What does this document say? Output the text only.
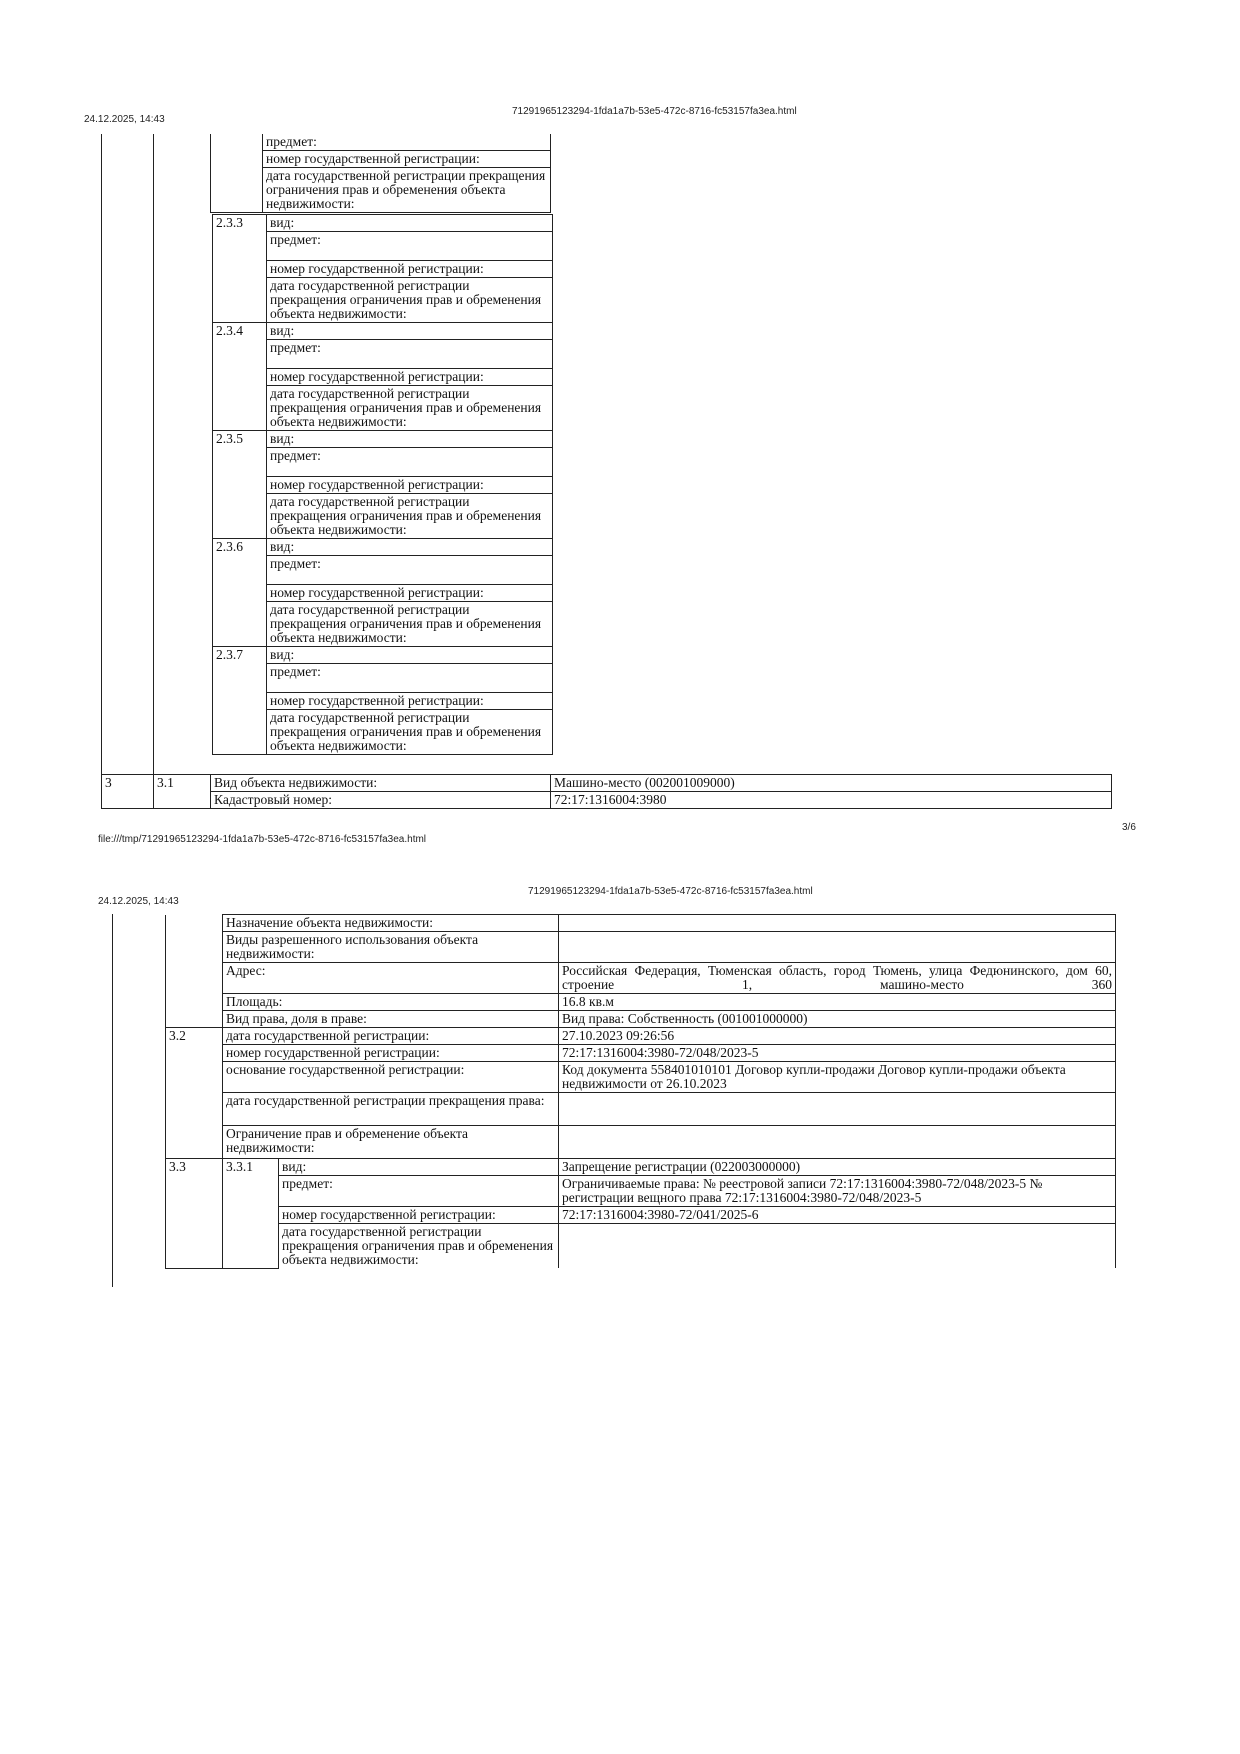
24.12.2025, 14:43
71291965123294-1fda1a7b-53e5-472c-8716-fc53157fa3ea.html
	предмет:
номер государственной регистрации:
дата государственной регистрации прекращения ограничения прав и обременения объекта недвижимости:
2.3.3	вид:
	предмет:
	номер государственной регистрации:
	дата государственной регистрации прекращения ограничения прав и обременения объекта недвижимости:
2.3.4	вид:
	предмет:
	номер государственной регистрации:
	дата государственной регистрации прекращения ограничения прав и обременения объекта недвижимости:
2.3.5	вид:
	предмет:
	номер государственной регистрации:
	дата государственной регистрации прекращения ограничения прав и обременения объекта недвижимости:
2.3.6	вид:
	предмет:
	номер государственной регистрации:
	дата государственной регистрации прекращения ограничения прав и обременения объекта недвижимости:
2.3.7	вид:
	предмет:
	номер государственной регистрации:
	дата государственной регистрации прекращения ограничения прав и обременения объекта недвижимости:
3	3.1	Вид объекта недвижимости:	Машино-место (002001009000)
		Кадастровый номер:	72:17:1316004:3980
file:///tmp/71291965123294-1fda1a7b-53e5-472c-8716-fc53157fa3ea.html
3/6
24.12.2025, 14:43
71291965123294-1fda1a7b-53e5-472c-8716-fc53157fa3ea.html
	Назначение объекта недвижимости:		
	Виды разрешенного использования объекта недвижимости:		
	Адрес:		Российская Федерация, Тюменская область, город Тюмень, улица Федюнинского, дом 60, строение 1, машино-место 360
	Площадь:		16.8 кв.м
	Вид права, доля в праве:		Вид права: Собственность (001001000000)
3.2	дата государственной регистрации:		27.10.2023 09:26:56
	номер государственной регистрации:		72:17:1316004:3980-72/048/2023-5
	основание государственной регистрации:		Код документа 558401010101 Договор купли-продажи Договор купли-продажи объекта недвижимости от 26.10.2023
	дата государственной регистрации прекращения права:		
	Ограничение прав и обременение объекта недвижимости:		
3.3	3.3.1	вид:	Запрещение регистрации (022003000000)
		предмет:	Ограничиваемые права: № реестровой записи 72:17:1316004:3980-72/048/2023-5 № регистрации вещного права 72:17:1316004:3980-72/048/2023-5
		номер государственной регистрации:	72:17:1316004:3980-72/041/2025-6
		дата государственной регистрации прекращения ограничения прав и обременения объекта недвижимости:	
